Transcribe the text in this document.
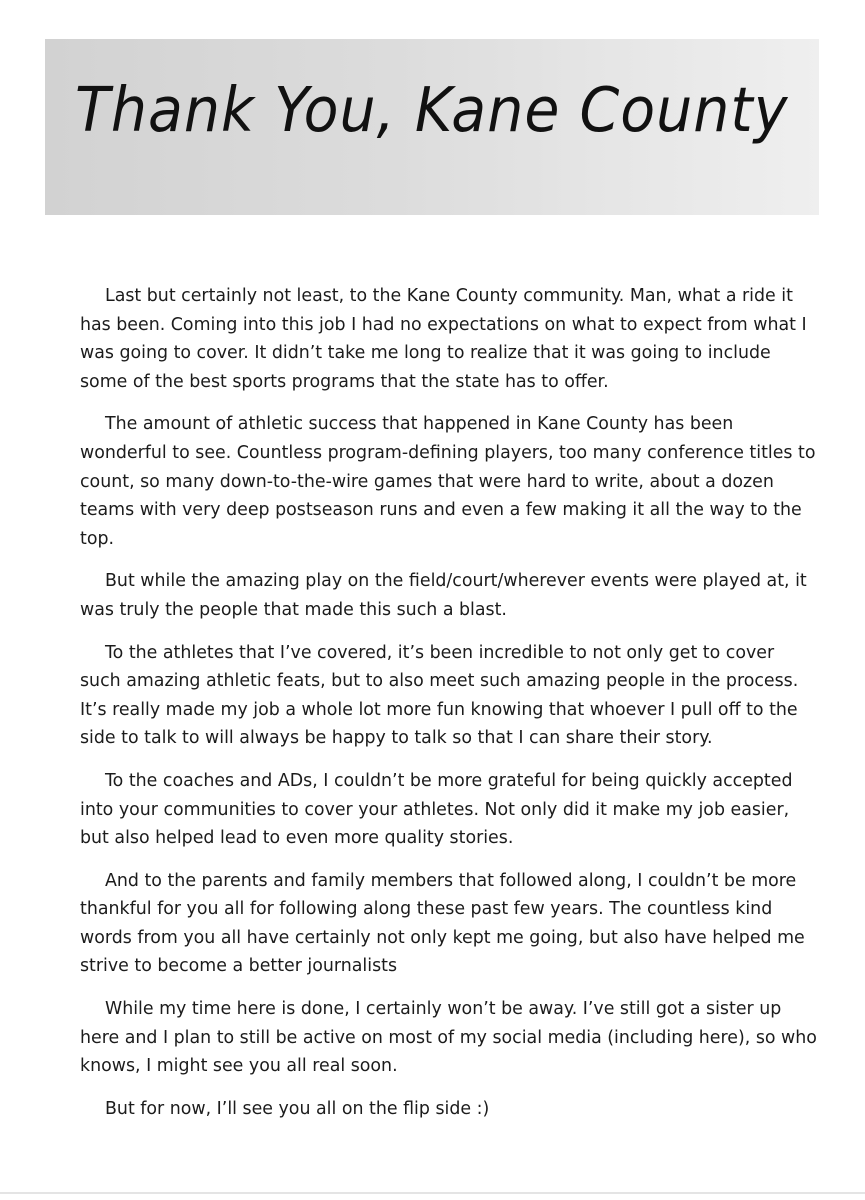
Thank You, Kane County

Last but certainly not least, to the Kane County community. Man, what a ride it has been. Coming into this job I had no expectations on what to expect from what I was going to cover. It didn’t take me long to realize that it was going to include some of the best sports programs that the state has to offer.

The amount of athletic success that happened in Kane County has been wonderful to see. Countless program-defining players, too many conference titles to count, so many down-to-the-wire games that were hard to write, about a dozen teams with very deep postseason runs and even a few making it all the way to the top.

But while the amazing play on the field/court/wherever events were played at, it was truly the people that made this such a blast.

To the athletes that I’ve covered, it’s been incredible to not only get to cover such amazing athletic feats, but to also meet such amazing people in the process. It’s really made my job a whole lot more fun knowing that whoever I pull off to the side to talk to will always be happy to talk so that I can share their story.

To the coaches and ADs, I couldn’t be more grateful for being quickly accepted into your communities to cover your athletes. Not only did it make my job easier, but also helped lead to even more quality stories.

And to the parents and family members that followed along, I couldn’t be more thankful for you all for following along these past few years. The countless kind words from you all have certainly not only kept me going, but also have helped me strive to become a better journalists

While my time here is done, I certainly won’t be away. I’ve still got a sister up here and I plan to still be active on most of my social media (including here), so who knows, I might see you all real soon.

But for now, I’ll see you all on the flip side :)
